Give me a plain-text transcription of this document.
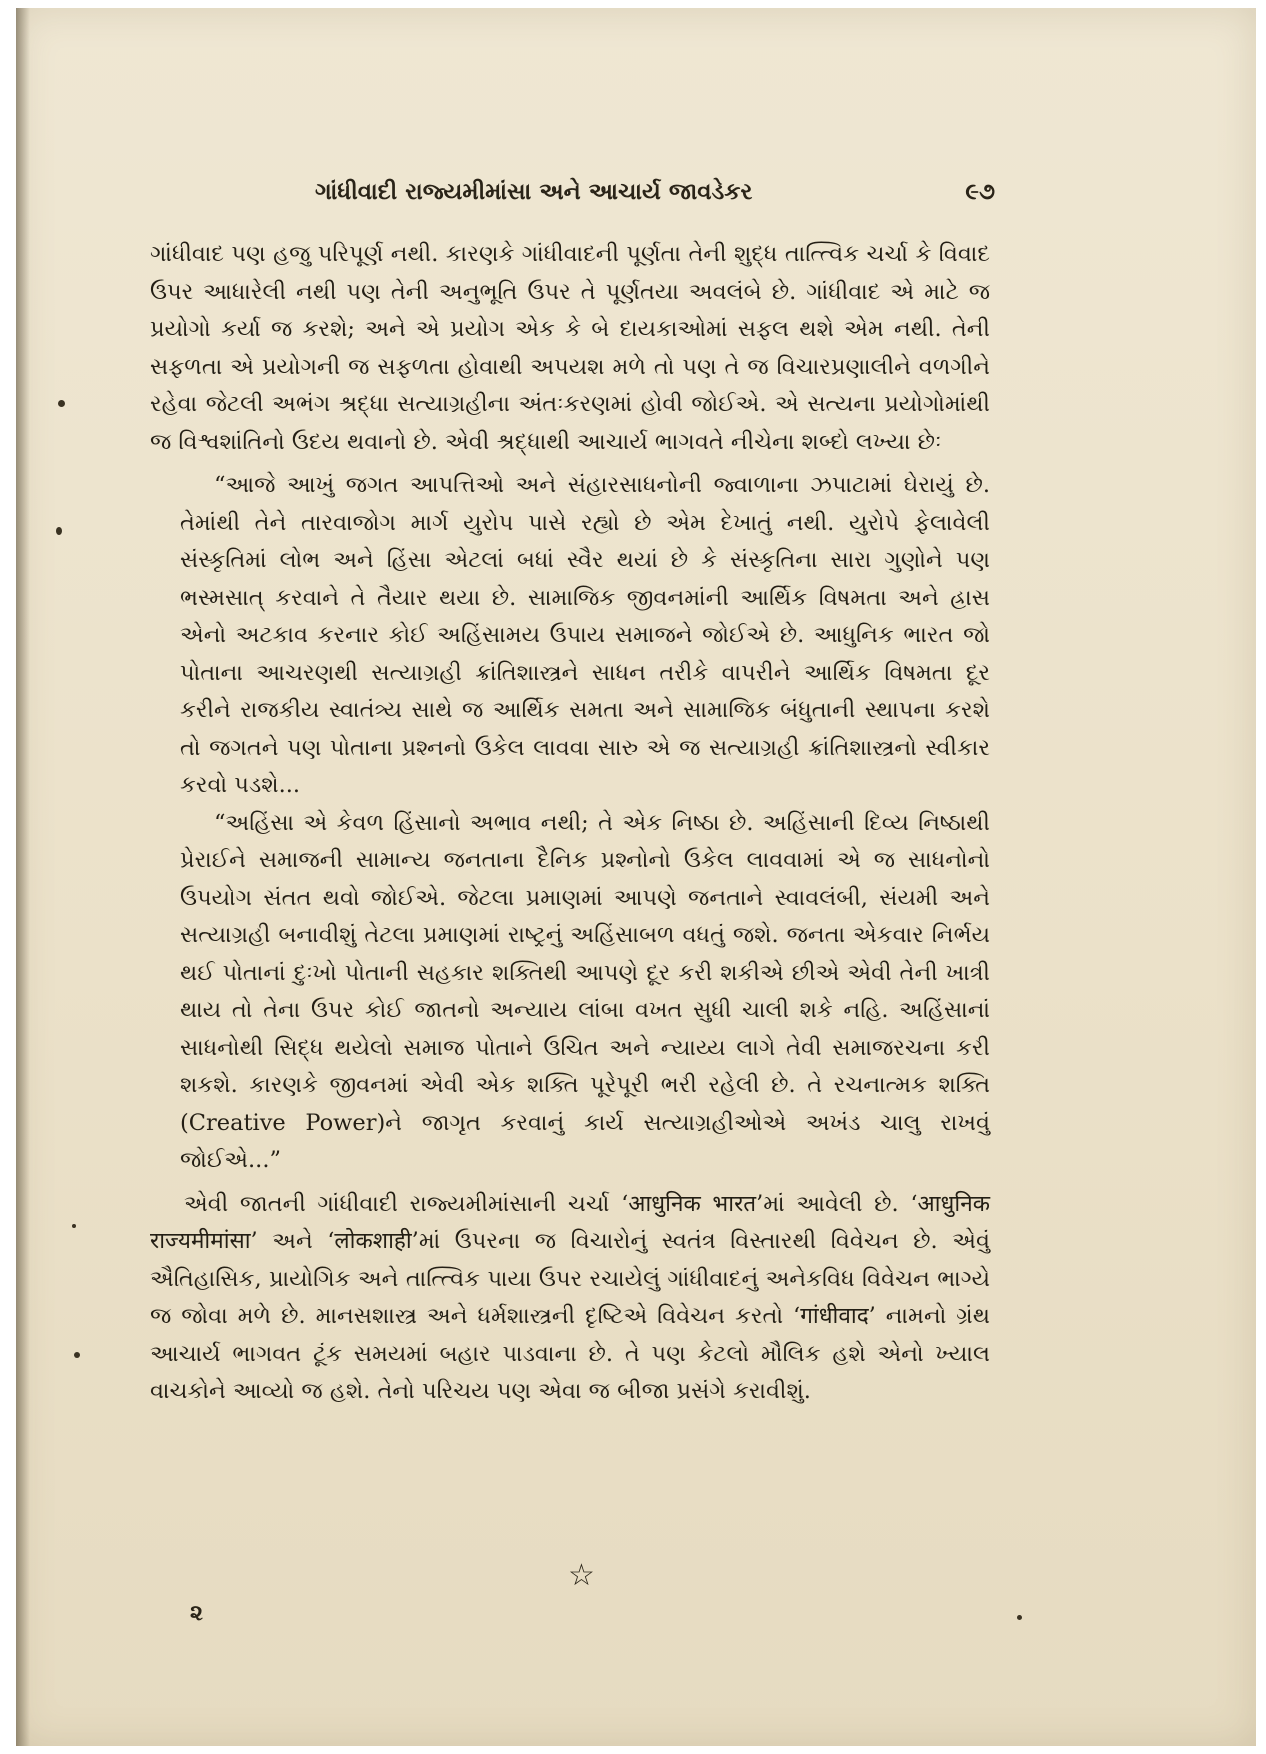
ગાંધીવાદી રાજ્યમીમાંસા અને આચાર્ય જાવડેકર	૯૭

ગાંધીવાદ પણ હજુ પરિપૂર્ણ નથી. કારણકે ગાંધીવાદની પૂર્ણતા તેની શુદ્ધ તાત્ત્વિક ચર્ચા કે વિવાદ ઉપર આધારેલી નથી પણ તેની અનુભૂતિ ઉપર તે પૂર્ણતયા અવલંબે છે. ગાંધીવાદ એ માટે જ પ્રયોગો કર્યા જ કરશે; અને એ પ્રયોગ એક કે બે દાયકાઓમાં સફલ થશે એમ નથી. તેની સફળતા એ પ્રયોગની જ સફળતા હોવાથી અપયશ મળે તો પણ તે જ વિચારપ્રણાલીને વળગીને રહેવા જેટલી અભંગ શ્રદ્ધા સત્યાગ્રહીના અંતઃકરણમાં હોવી જોઈએ. એ સત્યના પ્રયોગોમાંથી જ વિશ્વશાંતિનો ઉદય થવાનો છે. એવી શ્રદ્ધાથી આચાર્ય ભાગવતે નીચેના શબ્દો લખ્યા છેઃ

“આજે આખું જગત આપત્તિઓ અને સંહારસાધનોની જ્વાળાના ઝપાટામાં ઘેરાયું છે. તેમાંથી તેને તારવાજોગ માર્ગ યુરોપ પાસે રહ્યો છે એમ દેખાતું નથી. યુરોપે ફેલાવેલી સંસ્કૃતિમાં લોભ અને હિંસા એટલાં બધાં સ્વૈર થયાં છે કે સંસ્કૃતિના સારા ગુણોને પણ ભસ્મસાત્ કરવાને તે તૈયાર થયા છે. સામાજિક જીવનમાંની આર્થિક વિષમતા અને હ્રાસ એનો અટકાવ કરનાર કોઈ અહિંસામય ઉપાય સમાજને જોઈએ છે. આધુનિક ભારત જો પોતાના આચરણથી સત્યાગ્રહી ક્રાંતિશાસ્ત્રને સાધન તરીકે વાપરીને આર્થિક વિષમતા દૂર કરીને રાજકીય સ્વાતંત્ર્ય સાથે જ આર્થિક સમતા અને સામાજિક બંધુતાની સ્થાપના કરશે તો જગતને પણ પોતાના પ્રશ્નનો ઉકેલ લાવવા સારુ એ જ સત્યાગ્રહી ક્રાંતિશાસ્ત્રનો સ્વીકાર કરવો પડશે...

“અહિંસા એ કેવળ હિંસાનો અભાવ નથી; તે એક નિષ્ઠા છે. અહિંસાની દિવ્ય નિષ્ઠાથી પ્રેરાઈને સમાજની સામાન્ય જનતાના દૈનિક પ્રશ્નોનો ઉકેલ લાવવામાં એ જ સાધનોનો ઉપયોગ સંતત થવો જોઈએ. જેટલા પ્રમાણમાં આપણે જનતાને સ્વાવલંબી, સંયમી અને સત્યાગ્રહી બનાવીશું તેટલા પ્રમાણમાં રાષ્ટ્રનું અહિંસાબળ વધતું જશે. જનતા એકવાર નિર્ભય થઈ પોતાનાં દુઃખો પોતાની સહકાર શક્તિથી આપણે દૂર કરી શકીએ છીએ એવી તેની ખાત્રી થાય તો તેના ઉપર કોઈ જાતનો અન્યાય લાંબા વખત સુધી ચાલી શકે નહિ. અહિંસાનાં સાધનોથી સિદ્ધ થયેલો સમાજ પોતાને ઉચિત અને ન્યાય્ય લાગે તેવી સમાજરચના કરી શકશે. કારણકે જીવનમાં એવી એક શક્તિ પૂરેપૂરી ભરી રહેલી છે. તે રચનાત્મક શક્તિ (Creative Power)ને જાગૃત કરવાનું કાર્ય સત્યાગ્રહીઓએ અખંડ ચાલુ રાખવું જોઈએ...”

એવી જાતની ગાંધીવાદી રાજ્યમીમાંસાની ચર્ચા ‘आधुनिक भारत’માં આવેલી છે. ‘आधुनिक राज्यमीमांसा’ અને ‘लोकशाही’માં ઉપરના જ વિચારોનું સ્વતંત્ર વિસ્તારથી વિવેચન છે. એવું ઐતિહાસિક, પ્રાયોગિક અને તાત્ત્વિક પાયા ઉપર રચાયેલું ગાંધીવાદનું અનેકવિધ વિવેચન ભાગ્યે જ જોવા મળે છે. માનસશાસ્ત્ર અને ધર્મશાસ્ત્રની દૃષ્ટિએ વિવેચન કરતો ‘गांधीवाद’ નામનો ગ્રંથ આચાર્ય ભાગવત ટૂંક સમયમાં બહાર પાડવાના છે. તે પણ કેટલો મૌલિક હશે એનો ખ્યાલ વાચકોને આવ્યો જ હશે. તેનો પરિચય પણ એવા જ બીજા પ્રસંગે કરાવીશું.

☆
૨
